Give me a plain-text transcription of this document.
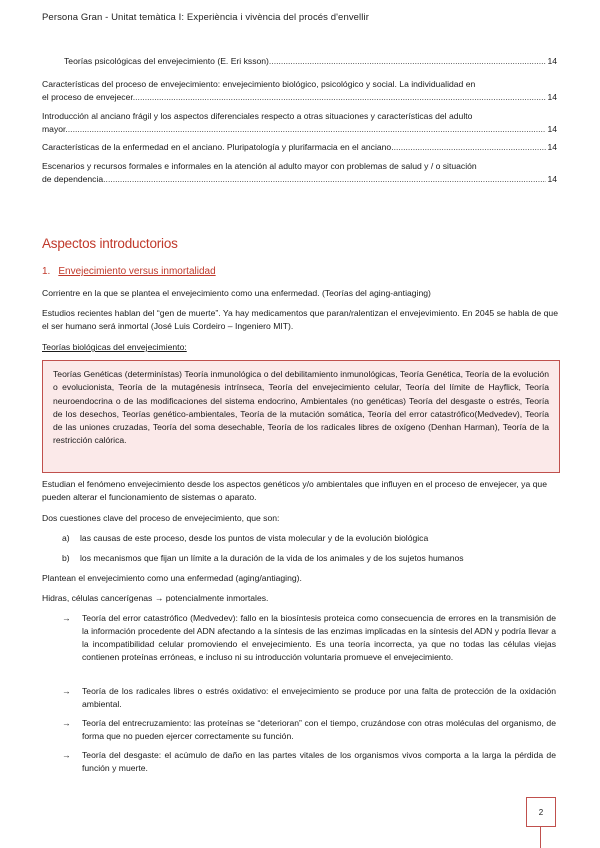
Persona Gran - Unitat temàtica I: Experiència i vivència del procés d'envellir
Teorías psicológicas del envejecimiento (E. Eri ksson) .....	14
Características del proceso de envejecimiento: envejecimiento biológico, psicológico y social. La individualidad en
el proceso de envejecer. .....	14
Introducción al anciano frágil y los aspectos diferenciales respecto a otras situaciones y características del adulto
mayor. .....	14
Características de la enfermedad en el anciano. Pluripatología y plurifarmacia en el anciano. .....	14
Escenarios y recursos formales e informales en la atención al adulto mayor con problemas de salud y / o situación
de dependencia .....	14
Aspectos introductorios
1. Envejecimiento versus inmortalidad
Corrientre en la que se plantea el envejecimiento como una enfermedad. (Teorías del aging-antiaging)
Estudios recientes hablan del “gen de muerte”. Ya hay medicamentos que paran/ralentizan el envejevimiento. En 2045 se habla de que el ser humano será inmortal (José Luis Cordeiro – Ingeniero MIT).
Teorías biológicas del envejecimiento:
Teorías Genéticas (determinístas) Teoría inmunológica o del debilitamiento inmunológicas, Teoría Genética, Teoría de la evolución o evolucionista, Teoría de la mutagénesis intrínseca, Teoría del envejecimiento celular, Teoría del límite de Hayflick, Teoría neuroendocrina o de las modificaciones del sistema endocrino, Ambientales (no genéticas) Teoría del desgaste o estrés, Teoría de los desechos, Teorías genético-ambientales, Teoría de la mutación somática, Teoría del error catastrófico(Medvedev), Teoría de las uniones cruzadas, Teoría del soma desechable, Teoría de los radicales libres de oxígeno (Denhan Harman), Teoría de la restricción calórica.
Estudian el fenómeno envejecimiento desde los aspectos genéticos y/o ambientales que influyen en el proceso de envejecer, ya que pueden alterar el funcionamiento de sistemas o aparato.
Dos cuestiones clave del proceso de envejecimiento, que son:
a) las causas de este proceso, desde los puntos de vista molecular y de la evolución biológica
b) los mecanismos que fijan un límite a la duración de la vida de los animales y de los sujetos humanos
Plantean el envejecimiento como una enfermedad (aging/antiaging).
Hidras, células cancerígenas → potencialmente inmortales.
→ Teoría del error catastrófico (Medvedev): fallo en la biosíntesis proteica como consecuencia de errores en la transmisión de la información procedente del ADN afectando a la síntesis de las enzimas implicadas en la síntesis del ADN y podría llevar a la incompatibilidad celular promoviendo el envejecimiento. Es una teoría incorrecta, ya que no todas las células viejas contienen proteínas erróneas, e incluso ni su introducción voluntaria promueve el envejecimiento.
→ Teoría de los radicales libres o estrés oxidativo: el envejecimiento se produce por una falta de protección de la oxidación ambiental.
→ Teoría del entrecruzamiento: las proteínas se “deterioran” con el tiempo, cruzándose con otras moléculas del organismo, de forma que no pueden ejercer correctamente su función.
→ Teoría del desgaste: el acúmulo de daño en las partes vitales de los organismos vivos comporta a la larga la pérdida de función y muerte.
2
